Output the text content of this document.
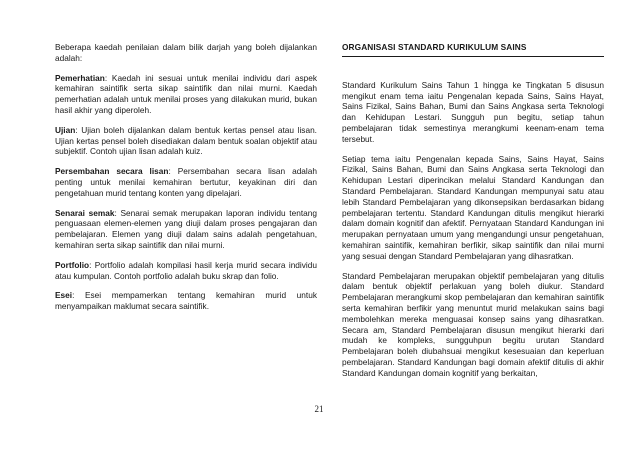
Beberapa kaedah penilaian dalam bilik darjah yang boleh dijalankan adalah:

Pemerhatian: Kaedah ini sesuai untuk menilai individu dari aspek kemahiran saintifik serta sikap saintifik dan nilai murni. Kaedah pemerhatian adalah untuk menilai proses yang dilakukan murid, bukan hasil akhir yang diperoleh.

Ujian: Ujian boleh dijalankan dalam bentuk kertas pensel atau lisan. Ujian kertas pensel boleh disediakan dalam bentuk soalan objektif atau subjektif. Contoh ujian lisan adalah kuiz.

Persembahan secara lisan: Persembahan secara lisan adalah penting untuk menilai kemahiran bertutur, keyakinan diri dan pengetahuan murid tentang konten yang dipelajari.

Senarai semak: Senarai semak merupakan laporan individu tentang penguasaan elemen-elemen yang diuji dalam proses pengajaran dan pembelajaran. Elemen yang diuji dalam sains adalah pengetahuan, kemahiran serta sikap saintifik dan nilai murni.

Portfolio: Portfolio adalah kompilasi hasil kerja murid secara individu atau kumpulan. Contoh portfolio adalah buku skrap dan folio.

Esei: Esei mempamerkan tentang kemahiran murid untuk menyampaikan maklumat secara saintifik.

ORGANISASI STANDARD KURIKULUM SAINS

Standard Kurikulum Sains Tahun 1 hingga ke Tingkatan 5 disusun mengikut enam tema iaitu Pengenalan kepada Sains, Sains Hayat, Sains Fizikal, Sains Bahan, Bumi dan Sains Angkasa serta Teknologi dan Kehidupan Lestari. Sungguh pun begitu, setiap tahun pembelajaran tidak semestinya merangkumi keenam-enam tema tersebut.

Setiap tema iaitu Pengenalan kepada Sains, Sains Hayat, Sains Fizikal, Sains Bahan, Bumi dan Sains Angkasa serta Teknologi dan Kehidupan Lestari diperincikan melalui Standard Kandungan dan Standard Pembelajaran. Standard Kandungan mempunyai satu atau lebih Standard Pembelajaran yang dikonsepsikan berdasarkan bidang pembelajaran tertentu. Standard Kandungan ditulis mengikut hierarki dalam domain kognitif dan afektif. Pernyataan Standard Kandungan ini merupakan pernyataan umum yang mengandungi unsur pengetahuan, kemahiran saintifik, kemahiran berfikir, sikap saintifik dan nilai murni yang sesuai dengan Standard Pembelajaran yang dihasratkan.

Standard Pembelajaran merupakan objektif pembelajaran yang ditulis dalam bentuk objektif perlakuan yang boleh diukur. Standard Pembelajaran merangkumi skop pembelajaran dan kemahiran saintifik serta kemahiran berfikir yang menuntut murid melakukan sains bagi membolehkan mereka menguasai konsep sains yang dihasratkan. Secara am, Standard Pembelajaran disusun mengikut hierarki dari mudah ke kompleks, sungguhpun begitu urutan Standard Pembelajaran boleh diubahsuai mengikut kesesuaian dan keperluan pembelajaran. Standard Kandungan bagi domain afektif ditulis di akhir Standard Kandungan domain kognitif yang berkaitan,

21
